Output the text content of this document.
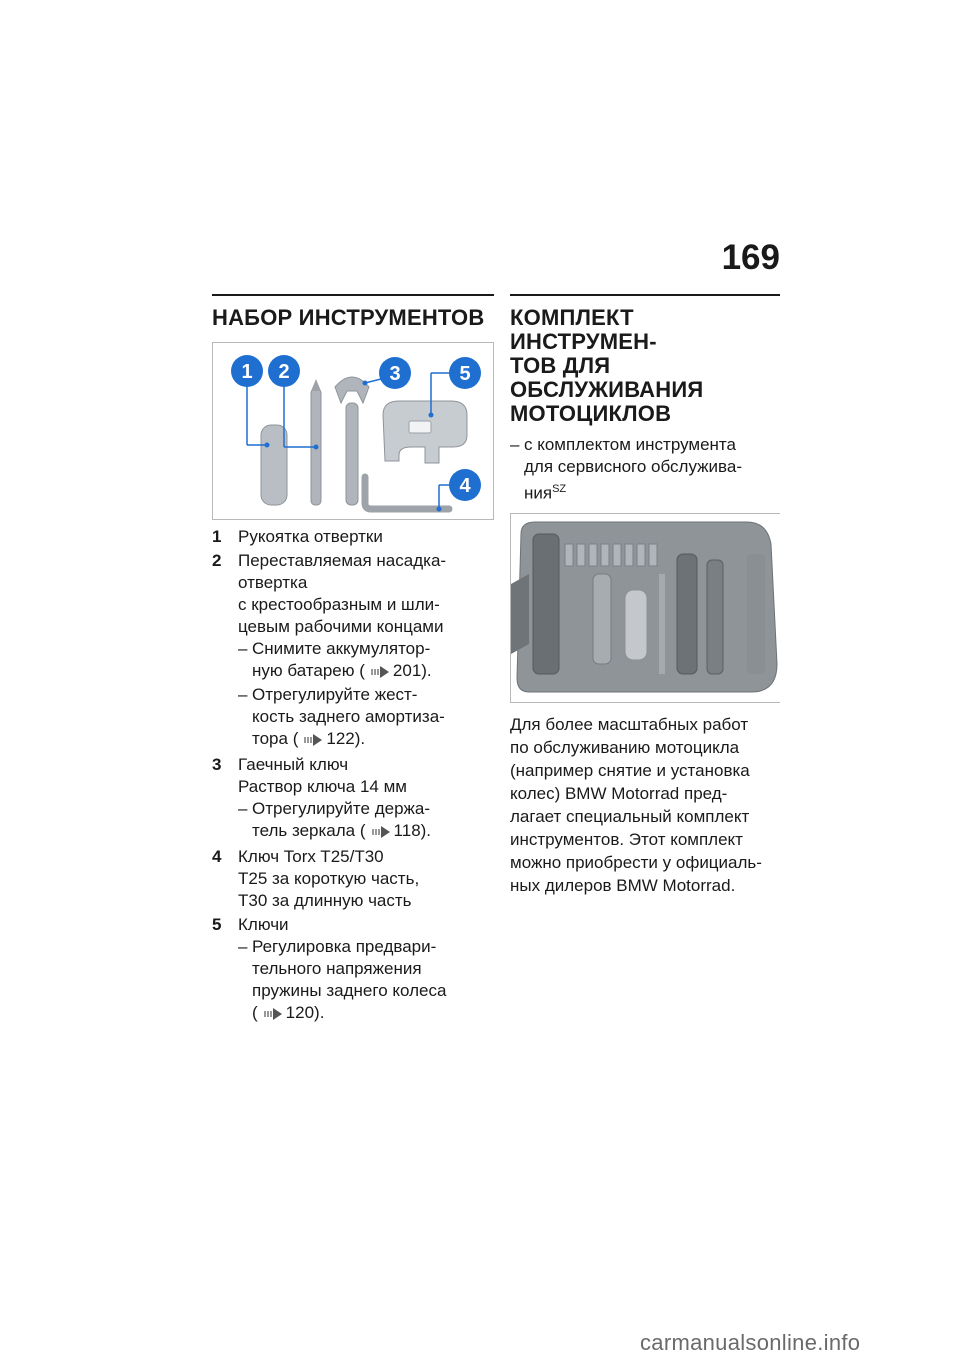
169
НАБОР ИНСТРУМЕНТОВ
1 2	3	5
4
1 Рукоятка отвертки
2 Переставляемая насадка-
отвертка
с крестообразным и шли-
цевым рабочими концами
– Снимите аккумулятор-
ную батарею ( 201).
– Отрегулируйте жест-
кость заднего амортиза-
тора ( 122).
3 Гаечный ключ
Раствор ключа 14 мм
– Отрегулируйте держа-
тель зеркала ( 118).
4 Ключ Torx T25/T30
T25 за короткую часть,
T30 за длинную часть
5 Ключи
– Регулировка предвари-
тельного напряжения
пружины заднего колеса
( 120).
КОМПЛЕКТ ИНСТРУМЕН-
ТОВ ДЛЯ ОБСЛУЖИВАНИЯ
МОТОЦИКЛОВ
– с комплектом инструмента
для сервисного обслужива-
ния$^{SZ}$
Для более масштабных работ
по обслуживанию мотоцикла
(например снятие и установка
колес) BMW Motorrad пред-
лагает специальный комплект
инструментов. Этот комплект
можно приобрести у официаль-
ных дилеров BMW Motorrad.
carmanualsonline.info
